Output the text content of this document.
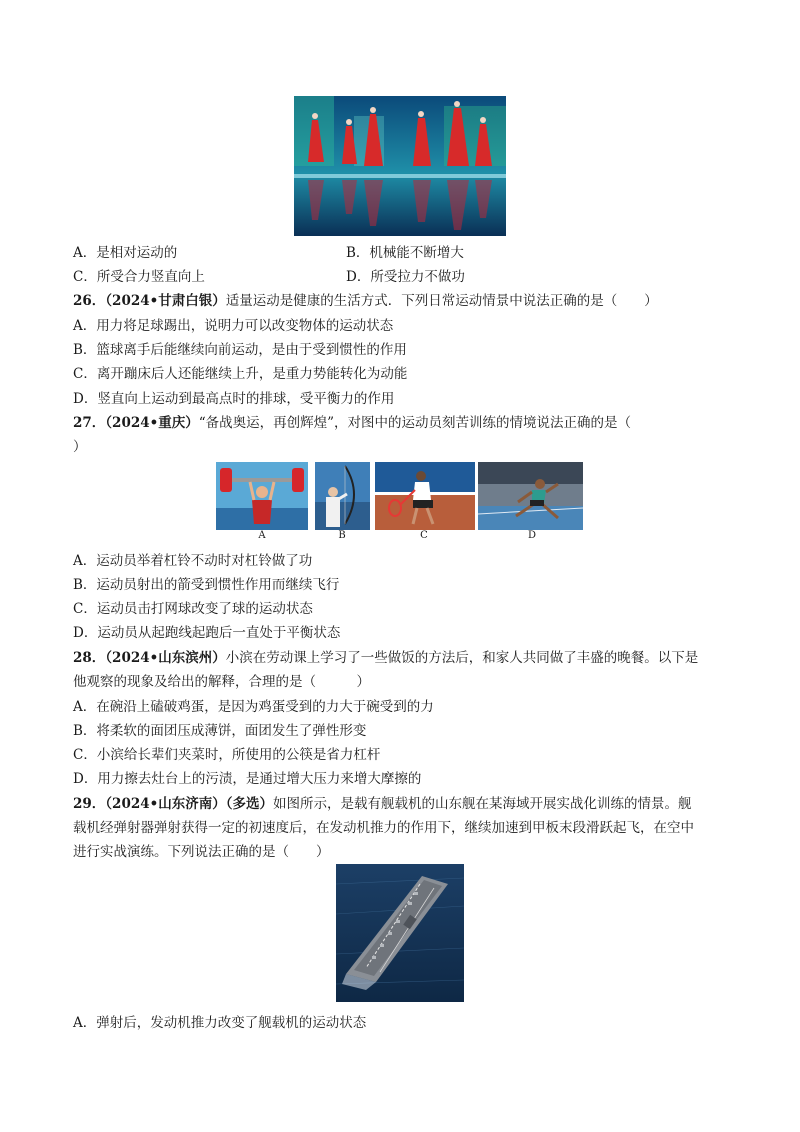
A．是相对运动的	B．机械能不断增大
C．所受合力竖直向上	D．所受拉力不做功
26．（2024•甘肃白银）适量运动是健康的生活方式．下列日常运动情景中说法正确的是（　　）
A．用力将足球踢出，说明力可以改变物体的运动状态
B．篮球离手后能继续向前运动，是由于受到惯性的作用
C．离开蹦床后人还能继续上升，是重力势能转化为动能
D．竖直向上运动到最高点时的排球，受平衡力的作用
27．（2024•重庆）“备战奥运，再创辉煌”，对图中的运动员刻苦训练的情境说法正确的是（
）
A	B	C	D
A．运动员举着杠铃不动时对杠铃做了功
B．运动员射出的箭受到惯性作用而继续飞行
C．运动员击打网球改变了球的运动状态
D．运动员从起跑线起跑后一直处于平衡状态
28．（2024•山东滨州）小滨在劳动课上学习了一些做饭的方法后，和家人共同做了丰盛的晚餐。以下是
他观察的现象及给出的解释，合理的是（　　　）
A．在碗沿上磕破鸡蛋，是因为鸡蛋受到的力大于碗受到的力
B．将柔软的面团压成薄饼，面团发生了弹性形变
C．小滨给长辈们夹菜时，所使用的公筷是省力杠杆
D．用力擦去灶台上的污渍，是通过增大压力来增大摩擦的
29．（2024•山东济南）（多选）如图所示，是载有舰载机的山东舰在某海域开展实战化训练的情景。舰
载机经弹射器弹射获得一定的初速度后，在发动机推力的作用下，继续加速到甲板末段滑跃起飞，在空中
进行实战演练。下列说法正确的是（　　）
A．弹射后，发动机推力改变了舰载机的运动状态
